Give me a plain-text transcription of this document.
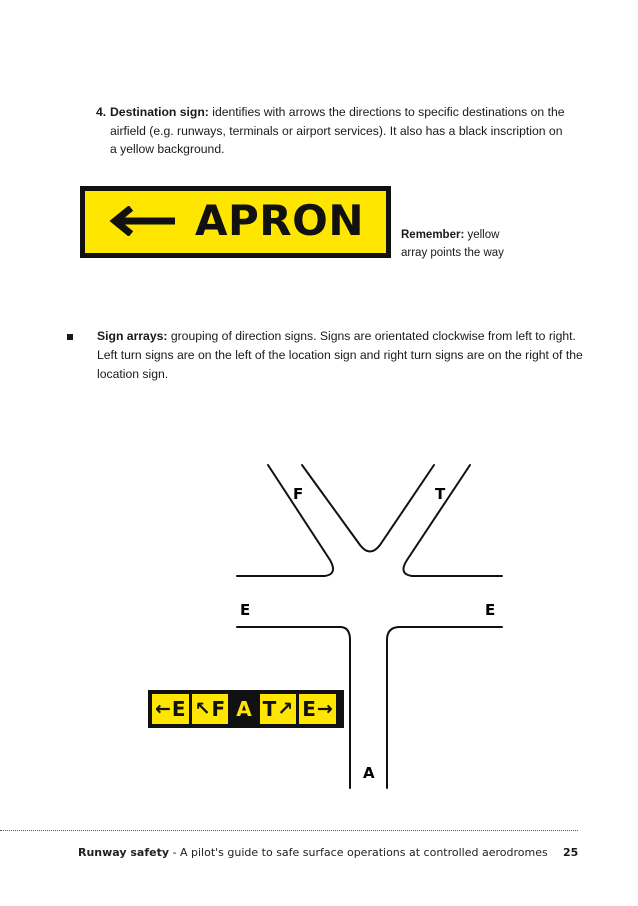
4. Destination sign: identifies with arrows the directions to specific destinations on the airfield (e.g. runways, terminals or airport services). It also has a black inscription on a yellow background.
APRON	Remember: yellow array points the way
Sign arrays: grouping of direction signs. Signs are orientated clockwise from left to right. Left turn signs are on the left of the location sign and right turn signs are on the right of the location sign.
F	T
E	E
A
← E ↖ F A T ↗ E →
Runway safety - A pilot's guide to safe surface operations at controlled aerodromes	25
